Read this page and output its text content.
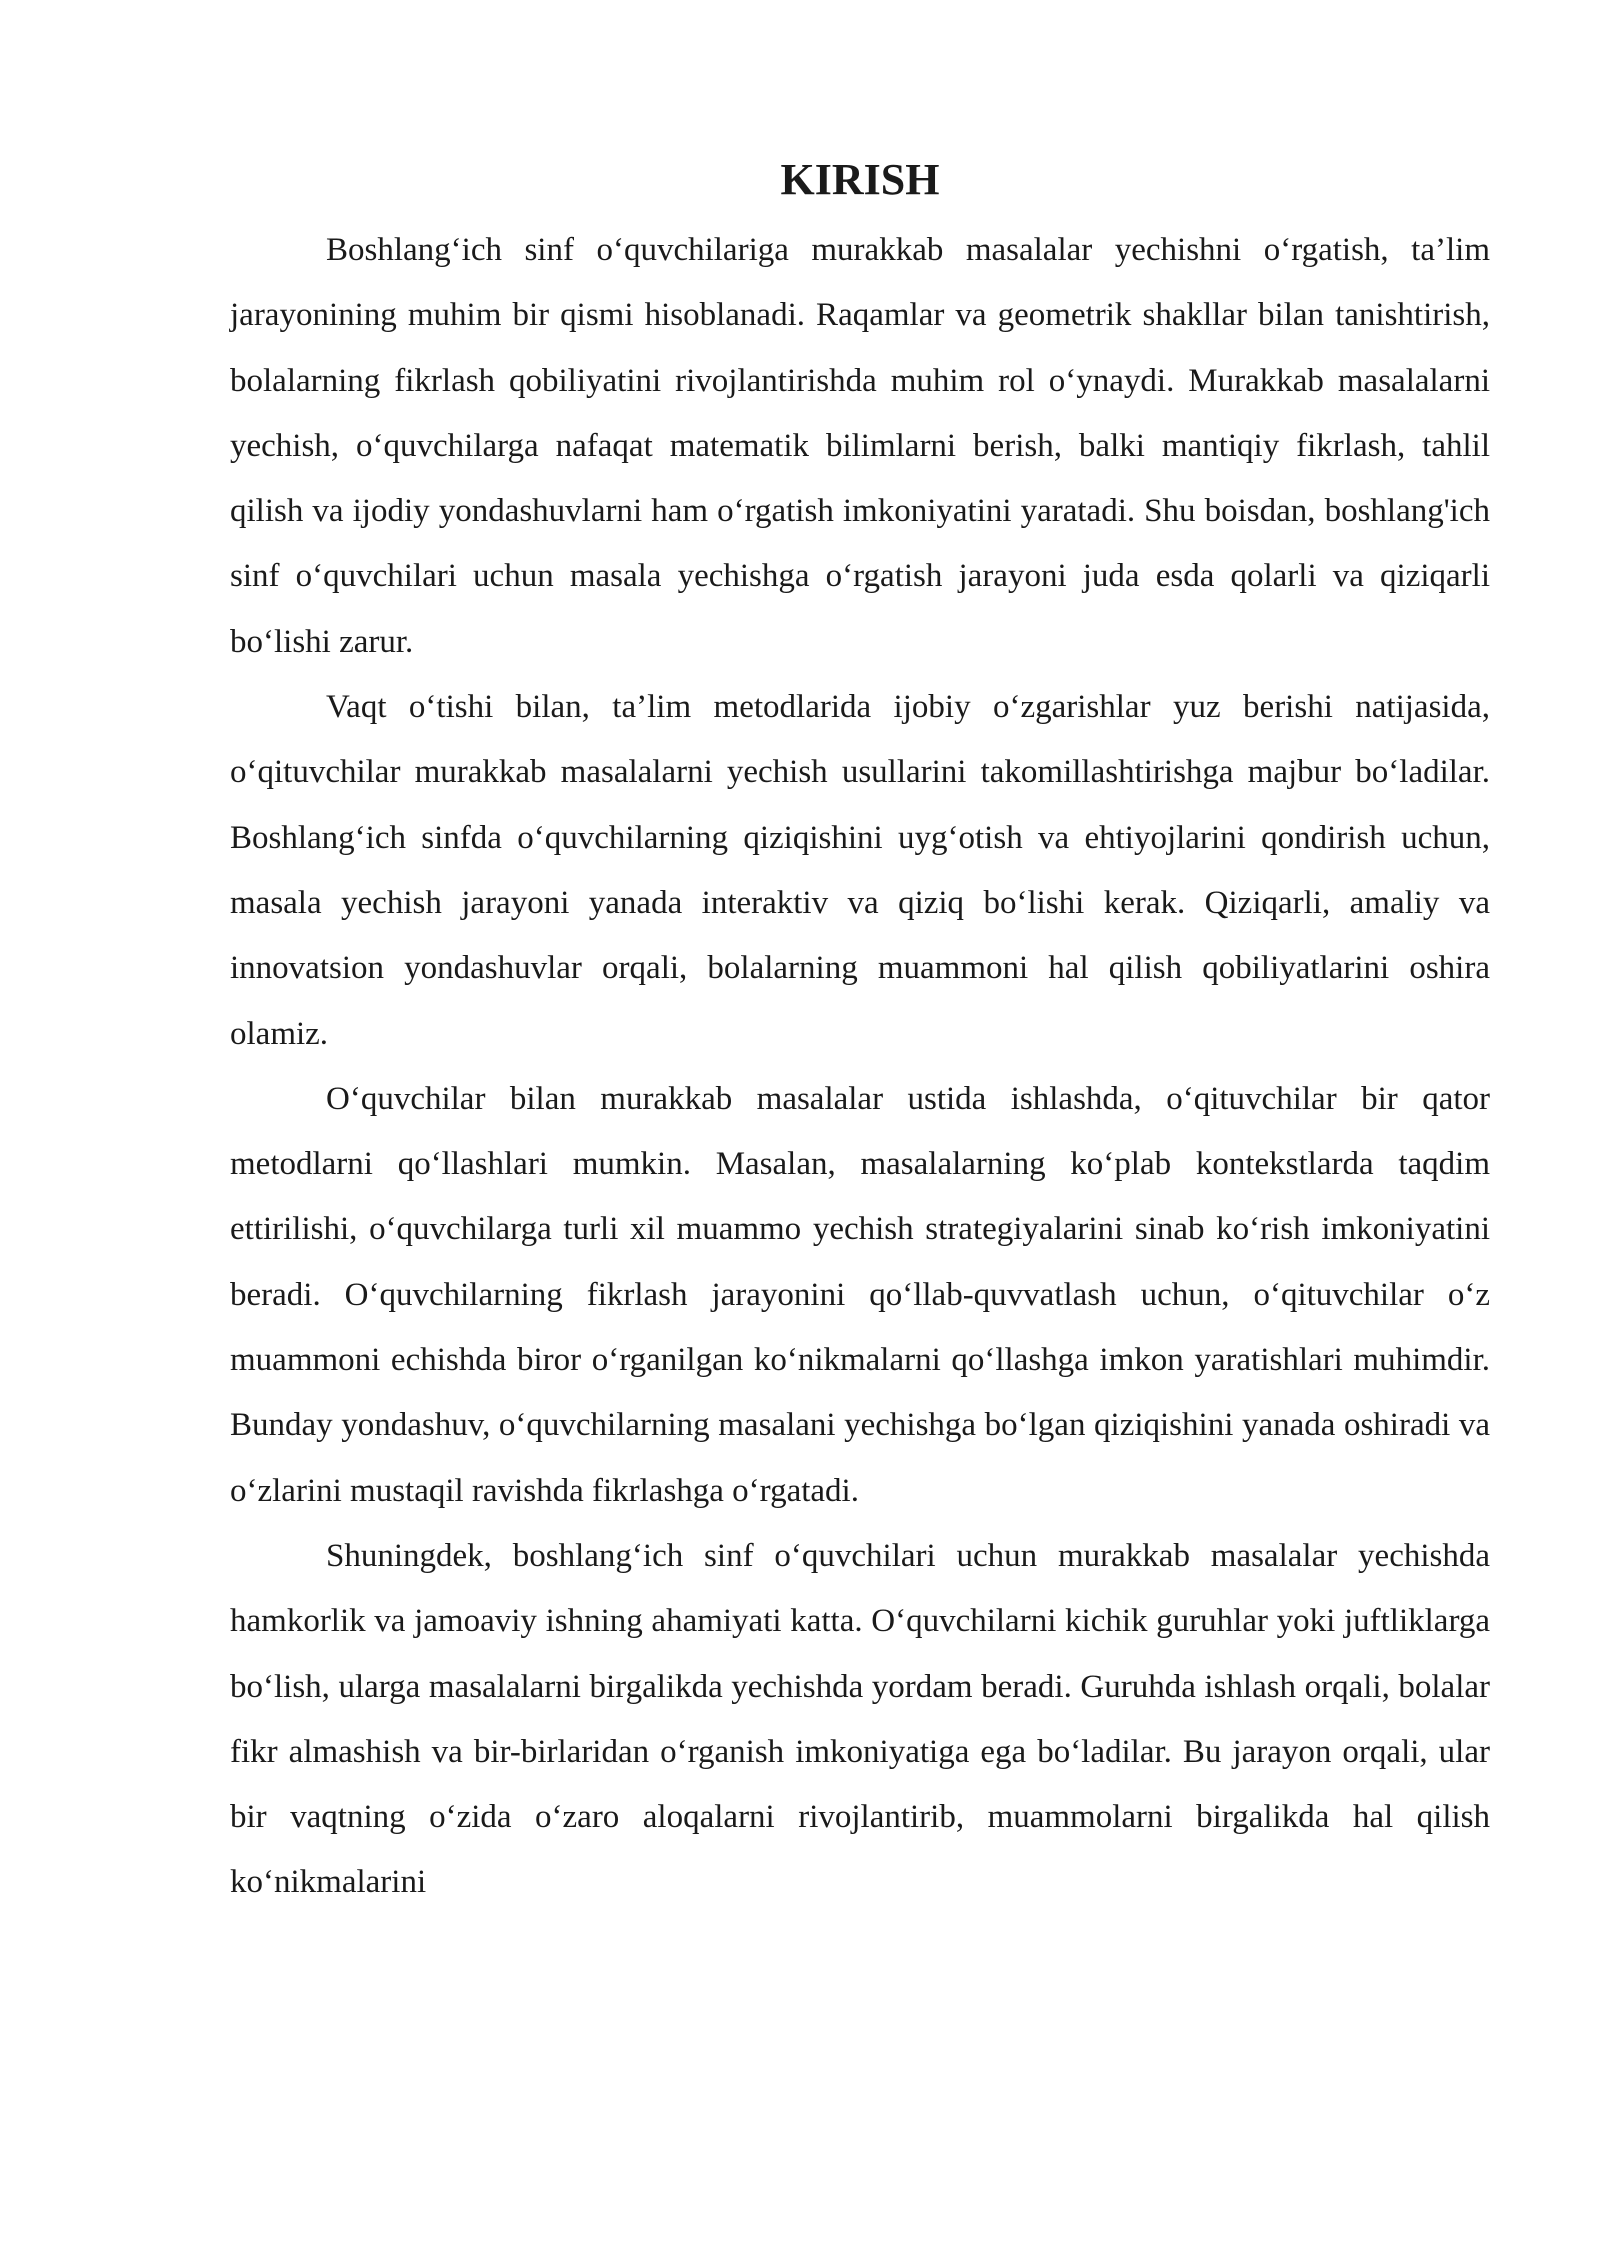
KIRISH

Boshlang‘ich sinf o‘quvchilariga murakkab masalalar yechishni o‘rgatish, ta’lim jarayonining muhim bir qismi hisoblanadi. Raqamlar va geometrik shakllar bilan tanishtirish, bolalarning fikrlash qobiliyatini rivojlantirishda muhim rol o‘ynaydi. Murakkab masalalarni yechish, o‘quvchilarga nafaqat matematik bilimlarni berish, balki mantiqiy fikrlash, tahlil qilish va ijodiy yondashuvlarni ham o‘rgatish imkoniyatini yaratadi. Shu boisdan, boshlang'ich sinf o‘quvchilari uchun masala yechishga o‘rgatish jarayoni juda esda qolarli va qiziqarli bo‘lishi zarur.

Vaqt o‘tishi bilan, ta’lim metodlarida ijobiy o‘zgarishlar yuz berishi natijasida, o‘qituvchilar murakkab masalalarni yechish usullarini takomillashtirishga majbur bo‘ladilar. Boshlang‘ich sinfda o‘quvchilarning qiziqishini uyg‘otish va ehtiyojlarini qondirish uchun, masala yechish jarayoni yanada interaktiv va qiziq bo‘lishi kerak. Qiziqarli, amaliy va innovatsion yondashuvlar orqali, bolalarning muammoni hal qilish qobiliyatlarini oshira olamiz.

O‘quvchilar bilan murakkab masalalar ustida ishlashda, o‘qituvchilar bir qator metodlarni qo‘llashlari mumkin. Masalan, masalalarning ko‘plab kontekstlarda taqdim ettirilishi, o‘quvchilarga turli xil muammo yechish strategiyalarini sinab ko‘rish imkoniyatini beradi. O‘quvchilarning fikrlash jarayonini qo‘llab-quvvatlash uchun, o‘qituvchilar o‘z muammoni echishda biror o‘rganilgan ko‘nikmalarni qo‘llashga imkon yaratishlari muhimdir. Bunday yondashuv, o‘quvchilarning masalani yechishga bo‘lgan qiziqishini yanada oshiradi va o‘zlarini mustaqil ravishda fikrlashga o‘rgatadi.

Shuningdek, boshlang‘ich sinf o‘quvchilari uchun murakkab masalalar yechishda hamkorlik va jamoaviy ishning ahamiyati katta. O‘quvchilarni kichik guruhlar yoki juftliklarga bo‘lish, ularga masalalarni birgalikda yechishda yordam beradi. Guruhda ishlash orqali, bolalar fikr almashish va bir-birlaridan o‘rganish imkoniyatiga ega bo‘ladilar. Bu jarayon orqali, ular bir vaqtning o‘zida o‘zaro aloqalarni rivojlantirib, muammolarni birgalikda hal qilish ko‘nikmalarini
